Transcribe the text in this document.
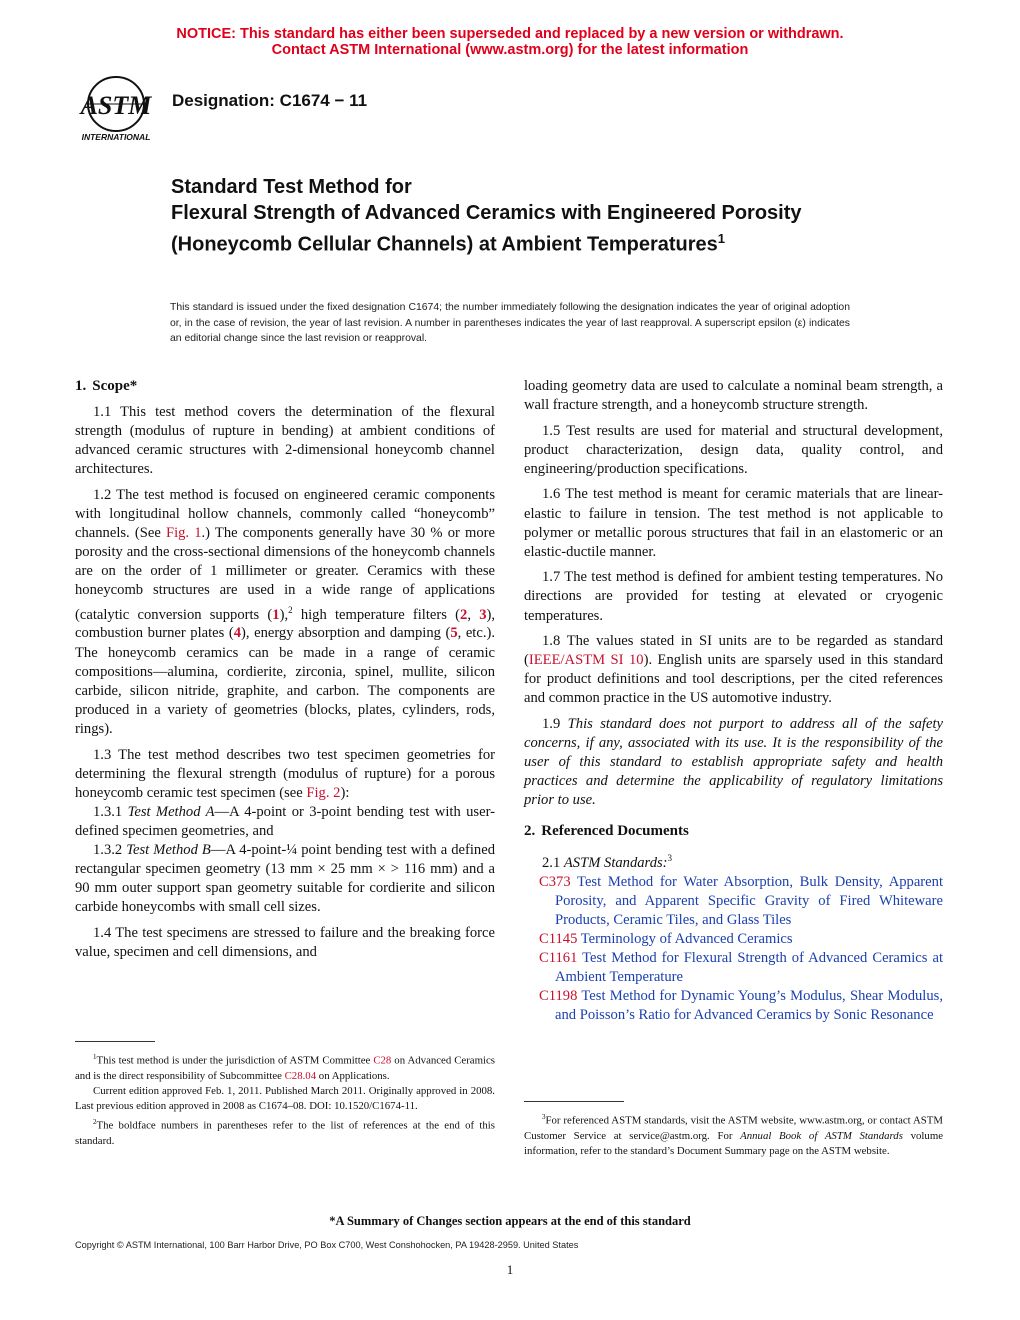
NOTICE: This standard has either been superseded and replaced by a new version or withdrawn.
Contact ASTM International (www.astm.org) for the latest information
ASTM
INTERNATIONAL
Designation: C1674 − 11
Standard Test Method for
Flexural Strength of Advanced Ceramics with Engineered Porosity (Honeycomb Cellular Channels) at Ambient Temperatures$^1$
This standard is issued under the fixed designation C1674; the number immediately following the designation indicates the year of original adoption or, in the case of revision, the year of last revision. A number in parentheses indicates the year of last reapproval. A superscript epsilon (ε) indicates an editorial change since the last revision or reapproval.
1. Scope*

1.1 This test method covers the determination of the flexural strength (modulus of rupture in bending) at ambient conditions of advanced ceramic structures with 2-dimensional honeycomb channel architectures.

1.2 The test method is focused on engineered ceramic components with longitudinal hollow channels, commonly called “honeycomb” channels. (See Fig. 1.) The components generally have 30 % or more porosity and the cross-sectional dimensions of the honeycomb channels are on the order of 1 millimeter or greater. Ceramics with these honeycomb structures are used in a wide range of applications (catalytic conversion supports (1),$^2$ high temperature filters (2, 3), combustion burner plates (4), energy absorption and damping (5, etc.). The honeycomb ceramics can be made in a range of ceramic compositions—alumina, cordierite, zirconia, spinel, mullite, silicon carbide, silicon nitride, graphite, and carbon. The components are produced in a variety of geometries (blocks, plates, cylinders, rods, rings).

1.3 The test method describes two test specimen geometries for determining the flexural strength (modulus of rupture) for a porous honeycomb ceramic test specimen (see Fig. 2):

1.3.1 Test Method A—A 4-point or 3-point bending test with user-defined specimen geometries, and

1.3.2 Test Method B—A 4-point-¼ point bending test with a defined rectangular specimen geometry (13 mm × 25 mm × > 116 mm) and a 90 mm outer support span geometry suitable for cordierite and silicon carbide honeycombs with small cell sizes.

1.4 The test specimens are stressed to failure and the breaking force value, specimen and cell dimensions, and

$^1$This test method is under the jurisdiction of ASTM Committee C28 on Advanced Ceramics and is the direct responsibility of Subcommittee C28.04 on Applications.

Current edition approved Feb. 1, 2011. Published March 2011. Originally approved in 2008. Last previous edition approved in 2008 as C1674–08. DOI: 10.1520/C1674-11.

$^2$The boldface numbers in parentheses refer to the list of references at the end of this standard.

loading geometry data are used to calculate a nominal beam strength, a wall fracture strength, and a honeycomb structure strength.

1.5 Test results are used for material and structural development, product characterization, design data, quality control, and engineering/production specifications.

1.6 The test method is meant for ceramic materials that are linear-elastic to failure in tension. The test method is not applicable to polymer or metallic porous structures that fail in an elastomeric or an elastic-ductile manner.

1.7 The test method is defined for ambient testing temperatures. No directions are provided for testing at elevated or cryogenic temperatures.

1.8 The values stated in SI units are to be regarded as standard (IEEE/ASTM SI 10). English units are sparsely used in this standard for product definitions and tool descriptions, per the cited references and common practice in the US automotive industry.

1.9 This standard does not purport to address all of the safety concerns, if any, associated with its use. It is the responsibility of the user of this standard to establish appropriate safety and health practices and determine the applicability of regulatory limitations prior to use.

2. Referenced Documents

2.1 ASTM Standards:$^3$

C373 Test Method for Water Absorption, Bulk Density, Apparent Porosity, and Apparent Specific Gravity of Fired Whiteware Products, Ceramic Tiles, and Glass Tiles
C1145 Terminology of Advanced Ceramics
C1161 Test Method for Flexural Strength of Advanced Ceramics at Ambient Temperature
C1198 Test Method for Dynamic Young’s Modulus, Shear Modulus, and Poisson’s Ratio for Advanced Ceramics by Sonic Resonance

$^3$For referenced ASTM standards, visit the ASTM website, www.astm.org, or contact ASTM Customer Service at service@astm.org. For Annual Book of ASTM Standards volume information, refer to the standard’s Document Summary page on the ASTM website.

*A Summary of Changes section appears at the end of this standard
Copyright © ASTM International, 100 Barr Harbor Drive, PO Box C700, West Conshohocken, PA 19428-2959. United States
1
